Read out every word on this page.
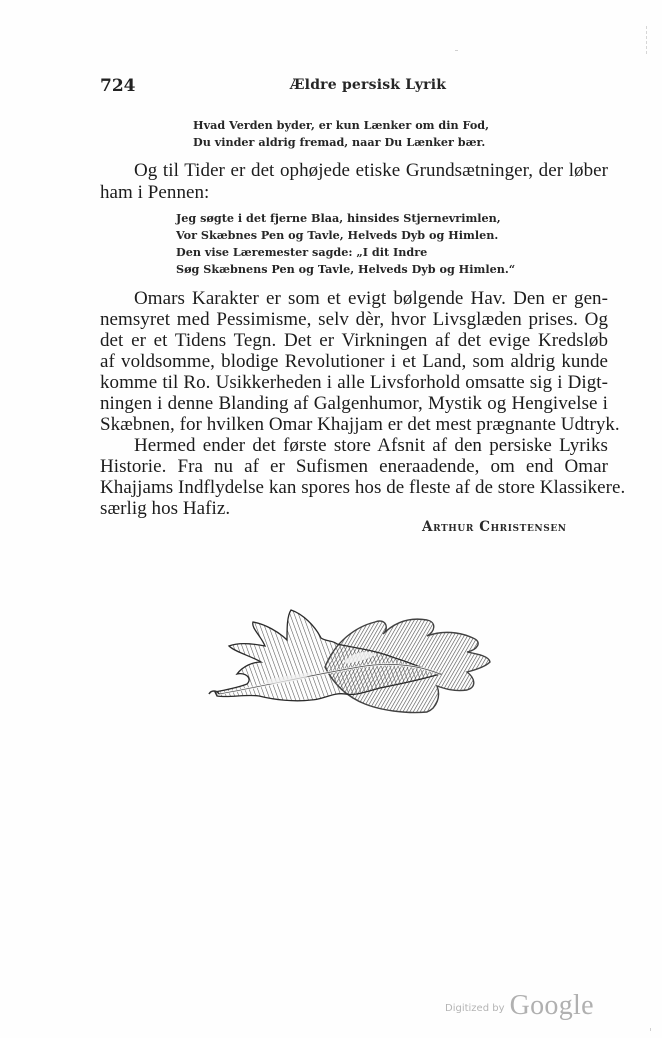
724	Ældre persisk Lyrik
Hvad Verden byder, er kun Lænker om din Fod,
Du vinder aldrig fremad, naar Du Lænker bær.
Og til Tider er det ophøjede etiske Grundsætninger, der løber
ham i Pennen:
Jeg søgte i det fjerne Blaa, hinsides Stjernevrimlen,
Vor Skæbnes Pen og Tavle, Helveds Dyb og Himlen.
Den vise Læremester sagde: „I dit Indre
Søg Skæbnens Pen og Tavle, Helveds Dyb og Himlen.“
Omars Karakter er som et evigt bølgende Hav. Den er gen-
nemsyret med Pessimisme, selv dèr, hvor Livsglæden prises. Og
det er et Tidens Tegn. Det er Virkningen af det evige Kredsløb
af voldsomme, blodige Revolutioner i et Land, som aldrig kunde
komme til Ro. Usikkerheden i alle Livsforhold omsatte sig i Digt-
ningen i denne Blanding af Galgenhumor, Mystik og Hengivelse i
Skæbnen, for hvilken Omar Khajjam er det mest prægnante Udtryk.
Hermed ender det første store Afsnit af den persiske Lyriks
Historie. Fra nu af er Sufismen eneraadende, om end Omar
Khajjams Indflydelse kan spores hos de fleste af de store Klassikere.
særlig hos Hafiz.
Arthur Christensen
Digitized by Google
